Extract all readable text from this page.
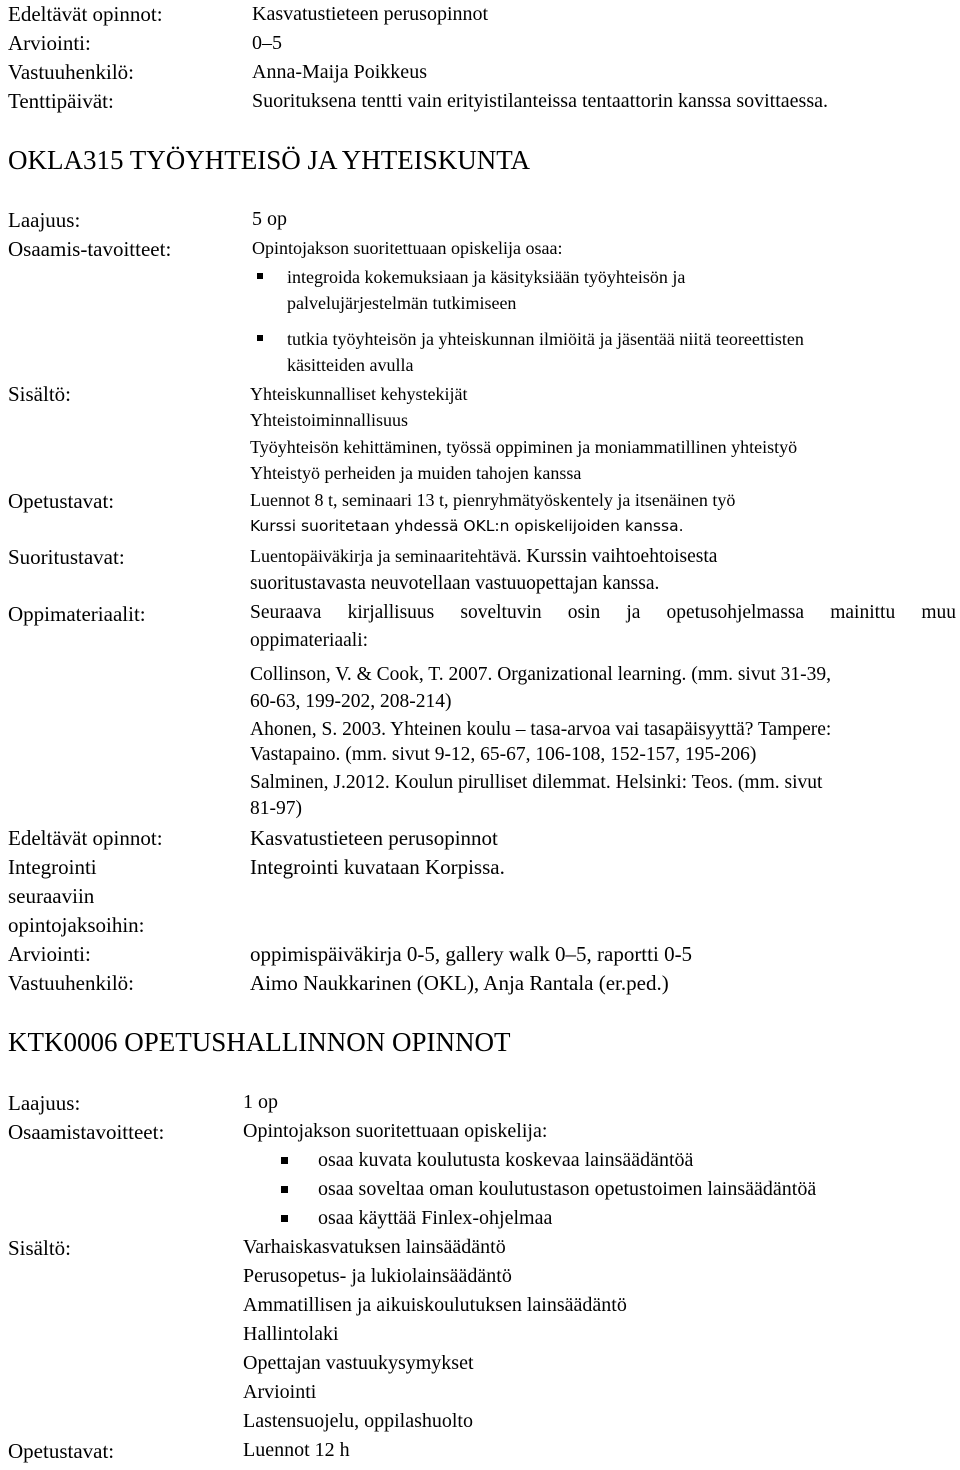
Edeltävät opinnot:	Kasvatustieteen perusopinnot
Arviointi:	0–5
Vastuuhenkilö:	Anna-Maija Poikkeus
Tenttipäivät:	Suorituksena tentti vain erityistilanteissa tentaattorin kanssa sovittaessa.
OKLA315 TYÖYHTEISÖ JA YHTEISKUNTA
Laajuus:	5 op
Osaamis-tavoitteet:	Opintojakson suoritettuaan opiskelija osaa:
integroida kokemuksiaan ja käsityksiään työyhteisön ja
palvelujärjestelmän tutkimiseen
tutkia työyhteisön ja yhteiskunnan ilmiöitä ja jäsentää niitä teoreettisten
käsitteiden avulla
Sisältö:	Yhteiskunnalliset kehystekijät
Yhteistoiminnallisuus
Työyhteisön kehittäminen, työssä oppiminen ja moniammatillinen yhteistyö
Yhteistyö perheiden ja muiden tahojen kanssa
Opetustavat:	Luennot 8 t, seminaari 13 t, pienryhmätyöskentely ja itsenäinen työ
Kurssi suoritetaan yhdessä OKL:n opiskelijoiden kanssa.
Suoritustavat:	Luentopäiväkirja ja seminaaritehtävä. Kurssin vaihtoehtoisesta
suoritustavasta neuvotellaan vastuuopettajan kanssa.
Oppimateriaalit:	Seuraava kirjallisuus soveltuvin osin ja opetusohjelmassa mainittu muu
oppimateriaali:
Collinson, V. & Cook, T. 2007. Organizational learning. (mm. sivut 31-39,
60-63, 199-202, 208-214)
Ahonen, S. 2003. Yhteinen koulu – tasa-arvoa vai tasapäisyyttä? Tampere:
Vastapaino. (mm. sivut 9-12, 65-67, 106-108, 152-157, 195-206)
Salminen, J.2012. Koulun pirulliset dilemmat. Helsinki: Teos. (mm. sivut
81-97)
Edeltävät opinnot:	Kasvatustieteen perusopinnot
Integrointi	Integrointi kuvataan Korpissa.
seuraaviin
opintojaksoihin:
Arviointi:	oppimispäiväkirja 0-5, gallery walk 0–5, raportti 0-5
Vastuuhenkilö:	Aimo Naukkarinen (OKL), Anja Rantala (er.ped.)
KTK0006 OPETUSHALLINNON OPINNOT
Laajuus:	1 op
Osaamistavoitteet:	Opintojakson suoritettuaan opiskelija:
osaa kuvata koulutusta koskevaa lainsäädäntöä
osaa soveltaa oman koulutustason opetustoimen lainsäädäntöä
osaa käyttää Finlex-ohjelmaa
Sisältö:	Varhaiskasvatuksen lainsäädäntö
Perusopetus- ja lukiolainsäädäntö
Ammatillisen ja aikuiskoulutuksen lainsäädäntö
Hallintolaki
Opettajan vastuukysymykset
Arviointi
Lastensuojelu, oppilashuolto
Opetustavat:	Luennot 12 h
